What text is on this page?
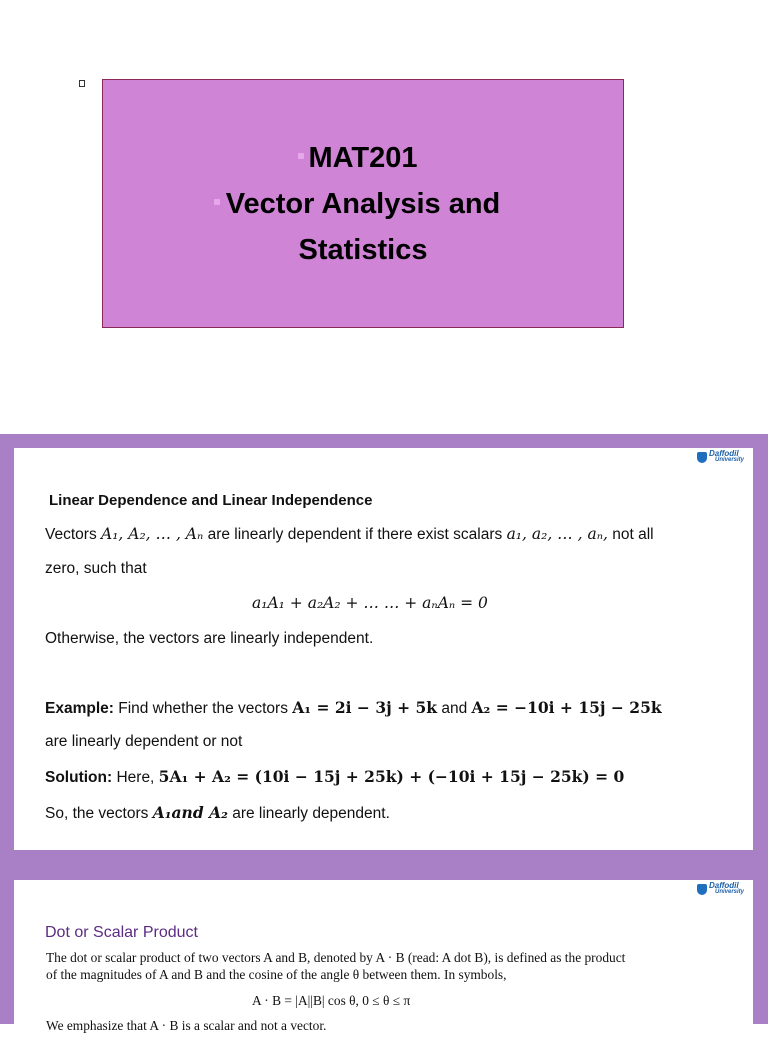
MAT201
Vector Analysis and
Statistics
Daffodil
University
Linear Dependence and Linear Independence
Vectors A₁, A₂, … , Aₙ are linearly dependent if there exist scalars a₁, a₂, … , aₙ, not all
zero, such that
a₁A₁ + a₂A₂ + … … + aₙAₙ = 0
Otherwise, the vectors are linearly independent.
Example: Find whether the vectors A₁ = 2i − 3j + 5k and A₂ = −10i + 15j − 25k
are linearly dependent or not
Solution: Here, 5A₁ + A₂ = (10i − 15j + 25k) + (−10i + 15j − 25k) = 0
So, the vectors A₁and A₂ are linearly dependent.
Daffodil
University
Dot or Scalar Product
The dot or scalar product of two vectors A and B, denoted by A · B (read: A dot B), is defined as the product
of the magnitudes of A and B and the cosine of the angle θ between them. In symbols,
A · B = |A||B| cos θ, 0 ≤ θ ≤ π
We emphasize that A · B is a scalar and not a vector.
